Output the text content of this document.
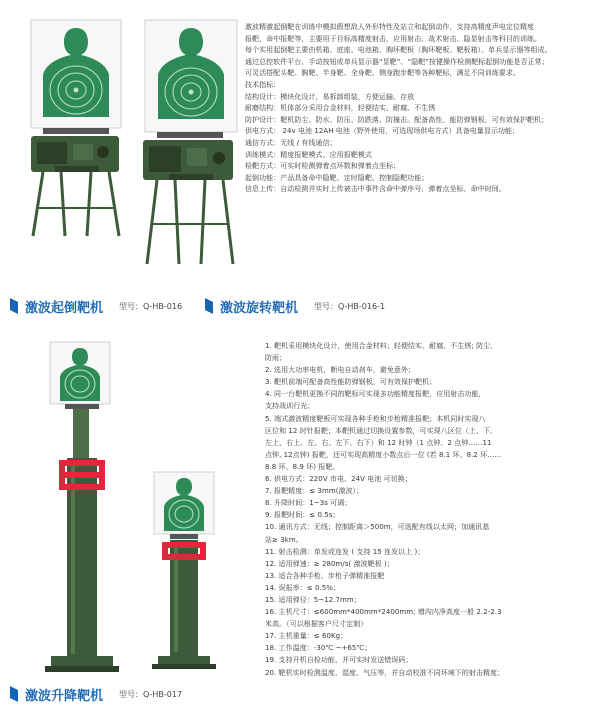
激波精激起倒靶在训练中模拟假想敌人外形特性及站立和起倒动作，支持高精度声电定位精度

报靶，命中报靶等，主要用于目标高精度射击、应用射击、战术射击、隐显射击等科目的训练。

每个实用起倒靶主要由机箱、底座、电池箱、胸环靶板（胸环靶板、靶板箱）、单兵显示器等组成。

通过总控软件平台、手动按钮或单兵显示器“显靶”、“隐靶”按键操作检测靶标起倒功能是否正常；

可灵活搭配头靶、胸靶、半身靶、全身靶、侧身跑步靶等各种靶标，满足不同训练要求。

技术指标:

结构设计：模块化设计，易拆卸组装，方便运输、存放

耐磨结构：机体部分采用合金材料，轻便结实、耐腐、不生锈

防护设计：靶机防尘、防水、防压、防跌落、防撞击。配备高性、能防弹钢板，可有效保护靶机；

供电方式： 24v 电池 12AH 电池（野外使用，可选现场供电方式）具备电量显示功能；

通信方式：无线 / 有线通信；

训练模式：精度报靶模式、应用报靶模式

检靶方式：可实时检测弹着点环数和弹着点坐标；

起倒功能：产品具备命中隐靶、定时隐靶、控制隐靶功能；

信息上传：自动检测并实时上传被击中事件含命中弹序号，弹着点坐标、命中时间。

激波起倒靶机 型号：Q-HB-016	激波旋转靶机 型号：Q-HB-016-1

1. 靶机采用模块化设计，使用合金材料；轻便结实、耐腐、不生锈; 防尘、

防雨；

2. 选用大功率电机，断电自动刹车，避免意外；

3. 靶机前端可配备高性能防弹钢板，可有效保护靶机；

4. 同一台靶机更换不同的靶标可实现多功能精度报靶，应用射击功能，

支持战训行光；

5. 端式激波精度靶板可实现各种手枪和步枪精准报靶；本机同时实现八

区位和 12 时针报靶；本靶机通过切换设置参数，可实现八区位（上、下、

左上、右上、左、右、左下、右下）和 12 时钟（1 点钟、2 点钟……11

点钟, 12点钟) 报靶，还可实现高精度小数点后一位 (若 8.1 环、8.2 环……

8.8 环、8.9 环) 报靶。

6. 供电方式：220V 市电、24V 电池 可切换；

7. 报靶精度：≤ 3mm(激波）；

8. 升降时间：1~3s 可调；

9. 报靶时间：≤ 0.5s；

10. 通讯方式：无线；控制距离＞500m，可选配有线以太网；加通讯基

站≥ 3km。

11. 射击检测：单发或连发 ( 支持 15 连发以上 )；

12. 适用弹速：≥ 280m/s( 激波靶板 )；

13. 适合各种手枪、步枪子弹精准报靶

14. 误报率：≤ 0.5%；

15. 适用弹径：5~12.7mm；

16. 主机尺寸：≤600mm*400mm*2400mm; 增沟内净高度一般 2.2-2.3

米高。（可以根据客户尺寸定制）

17. 主机重量：≤ 60Kg；

18. 工作温度：-30℃ ~+65℃；

19. 支持开机自检功能，并可实时发送错误码；

20. 靶机实时检测温度、湿度、气压等，并自动校准不同环境下的射击精度；

激波升降靶机 型号：Q-HB-017
